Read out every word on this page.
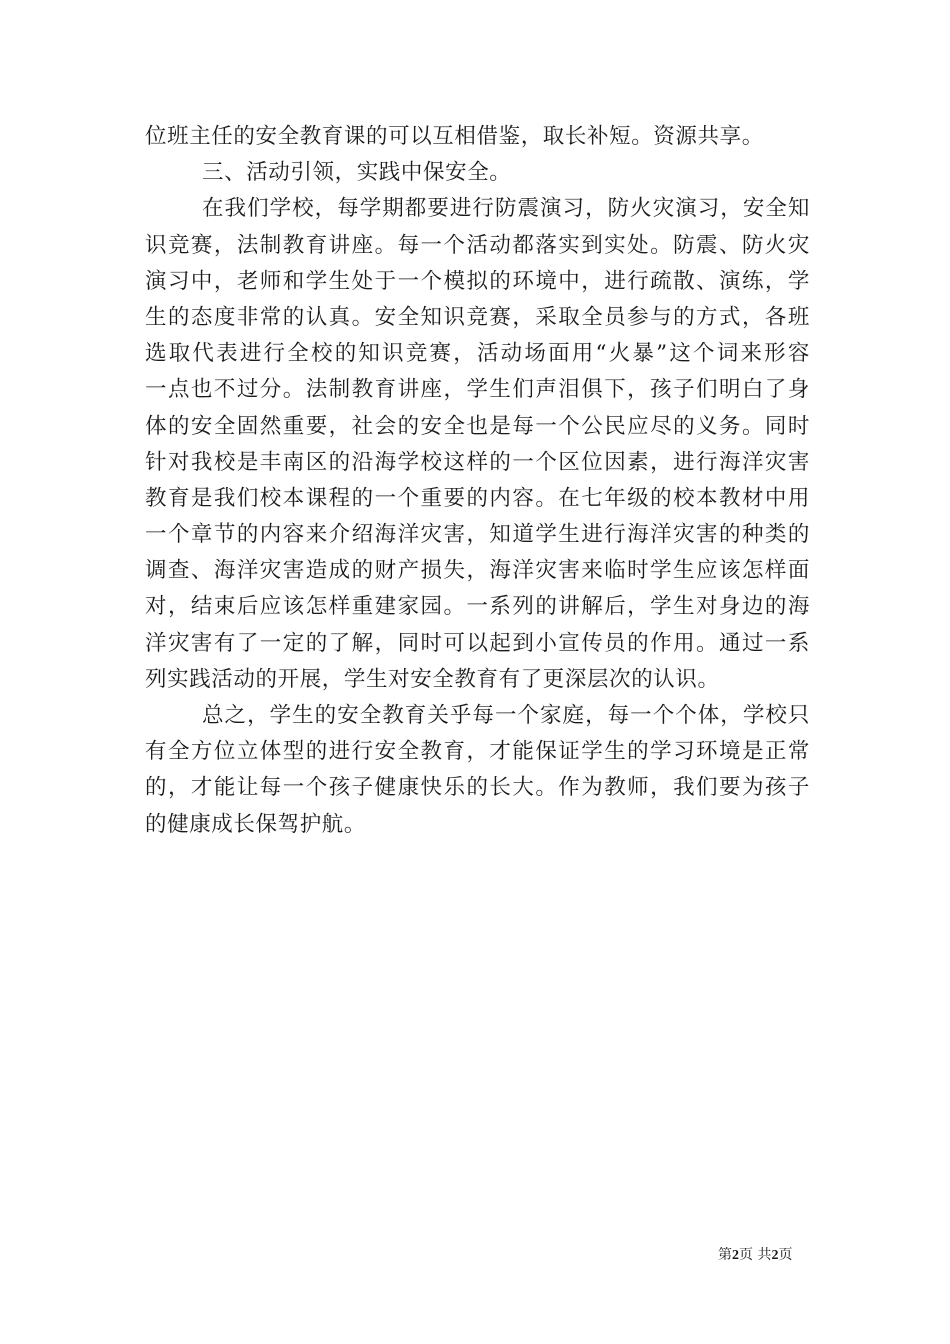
位班主任的安全教育课的可以互相借鉴，取长补短。资源共享。
三、活动引领，实践中保安全。
在我们学校，每学期都要进行防震演习，防火灾演习，安全知
识竞赛，法制教育讲座。每一个活动都落实到实处。防震、防火灾
演习中，老师和学生处于一个模拟的环境中，进行疏散、演练，学
生的态度非常的认真。安全知识竞赛，采取全员参与的方式，各班
选取代表进行全校的知识竞赛，活动场面用“火暴”这个词来形容
一点也不过分。法制教育讲座，学生们声泪俱下，孩子们明白了身
体的安全固然重要，社会的安全也是每一个公民应尽的义务。同时
针对我校是丰南区的沿海学校这样的一个区位因素，进行海洋灾害
教育是我们校本课程的一个重要的内容。在七年级的校本教材中用
一个章节的内容来介绍海洋灾害，知道学生进行海洋灾害的种类的
调查、海洋灾害造成的财产损失，海洋灾害来临时学生应该怎样面
对，结束后应该怎样重建家园。一系列的讲解后，学生对身边的海
洋灾害有了一定的了解，同时可以起到小宣传员的作用。通过一系
列实践活动的开展，学生对安全教育有了更深层次的认识。
总之，学生的安全教育关乎每一个家庭，每一个个体，学校只
有全方位立体型的进行安全教育，才能保证学生的学习环境是正常
的，才能让每一个孩子健康快乐的长大。作为教师，我们要为孩子
的健康成长保驾护航。
第2页 共2页
